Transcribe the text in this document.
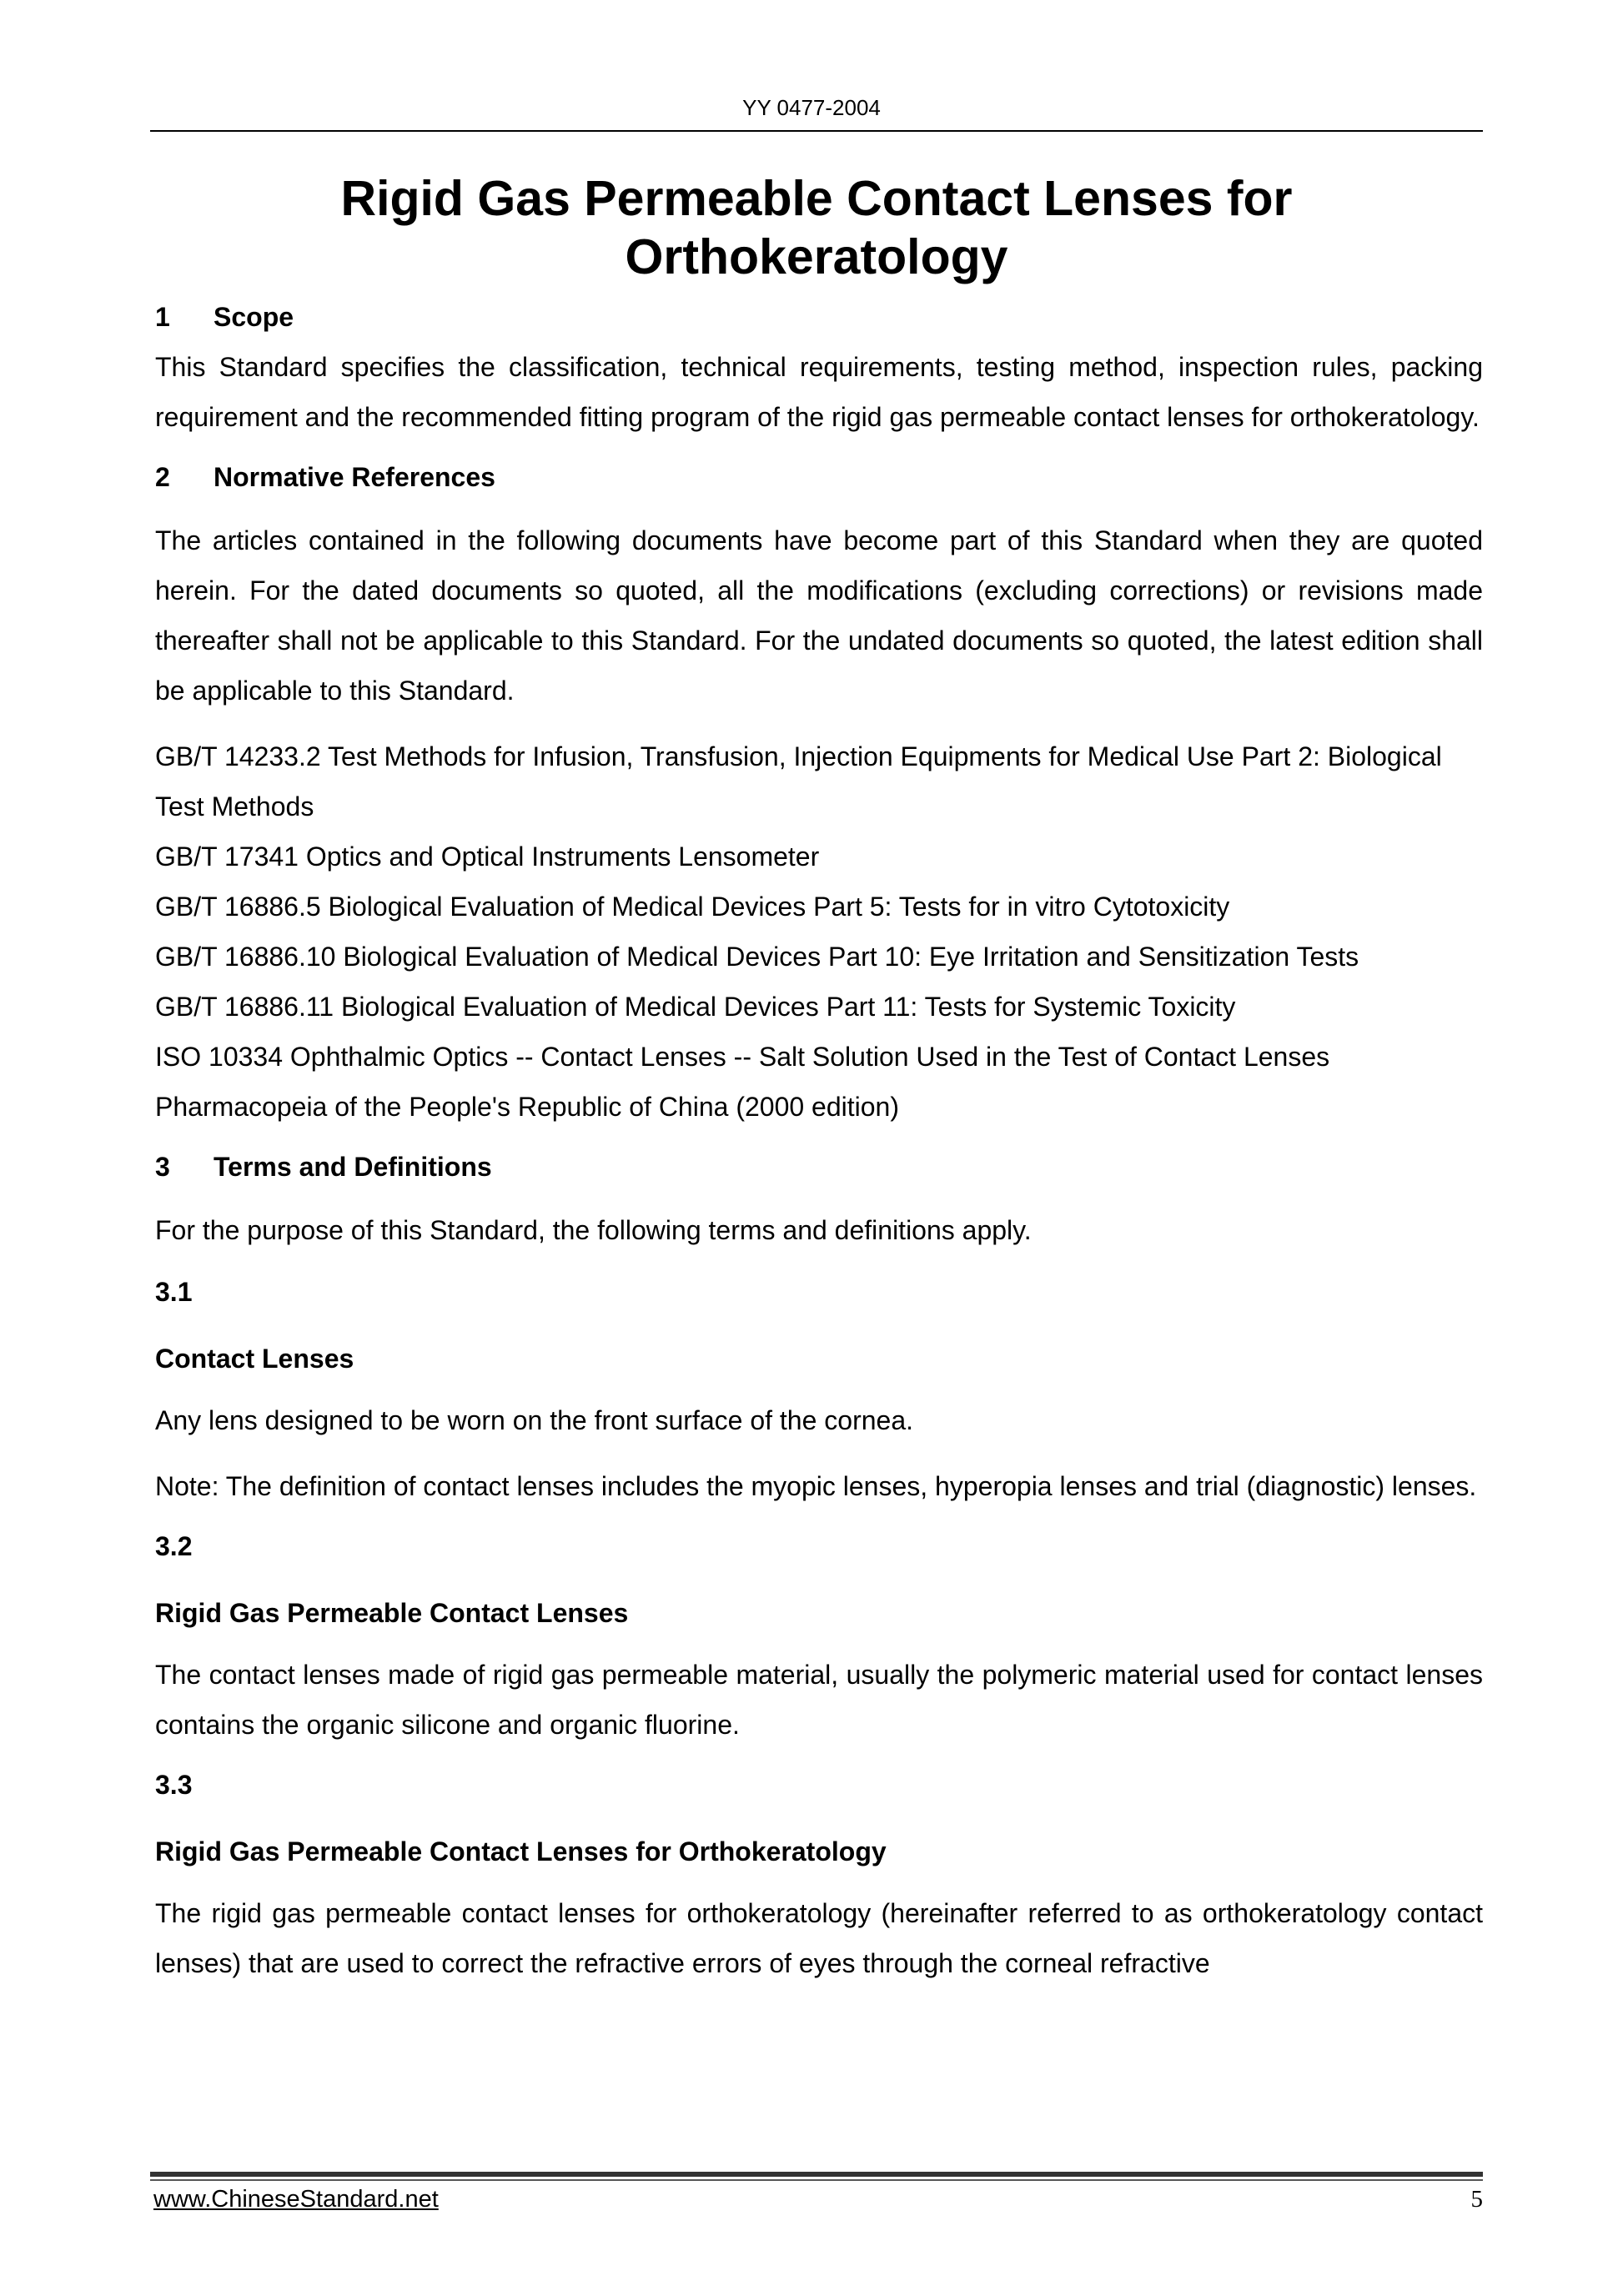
YY 0477-2004
Rigid Gas Permeable Contact Lenses for
Orthokeratology
1 Scope

This Standard specifies the classification, technical requirements, testing method, inspection rules, packing requirement and the recommended fitting program of the rigid gas permeable contact lenses for orthokeratology.

2 Normative References

The articles contained in the following documents have become part of this Standard when they are quoted herein. For the dated documents so quoted, all the modifications (excluding corrections) or revisions made thereafter shall not be applicable to this Standard. For the undated documents so quoted, the latest edition shall be applicable to this Standard.

GB/T 14233.2 Test Methods for Infusion, Transfusion, Injection Equipments for Medical Use Part 2: Biological Test Methods
GB/T 17341 Optics and Optical Instruments Lensometer
GB/T 16886.5 Biological Evaluation of Medical Devices Part 5: Tests for in vitro Cytotoxicity
GB/T 16886.10 Biological Evaluation of Medical Devices Part 10: Eye Irritation and Sensitization Tests
GB/T 16886.11 Biological Evaluation of Medical Devices Part 11: Tests for Systemic Toxicity
ISO 10334 Ophthalmic Optics -- Contact Lenses -- Salt Solution Used in the Test of Contact Lenses
Pharmacopeia of the People's Republic of China (2000 edition)
3 Terms and Definitions

For the purpose of this Standard, the following terms and definitions apply.

3.1

Contact Lenses

Any lens designed to be worn on the front surface of the cornea.

Note: The definition of contact lenses includes the myopic lenses, hyperopia lenses and trial (diagnostic) lenses.

3.2

Rigid Gas Permeable Contact Lenses

The contact lenses made of rigid gas permeable material, usually the polymeric material used for contact lenses contains the organic silicone and organic fluorine.

3.3

Rigid Gas Permeable Contact Lenses for Orthokeratology

The rigid gas permeable contact lenses for orthokeratology (hereinafter referred to as orthokeratology contact lenses) that are used to correct the refractive errors of eyes through the corneal refractive

www.ChineseStandard.net	5
